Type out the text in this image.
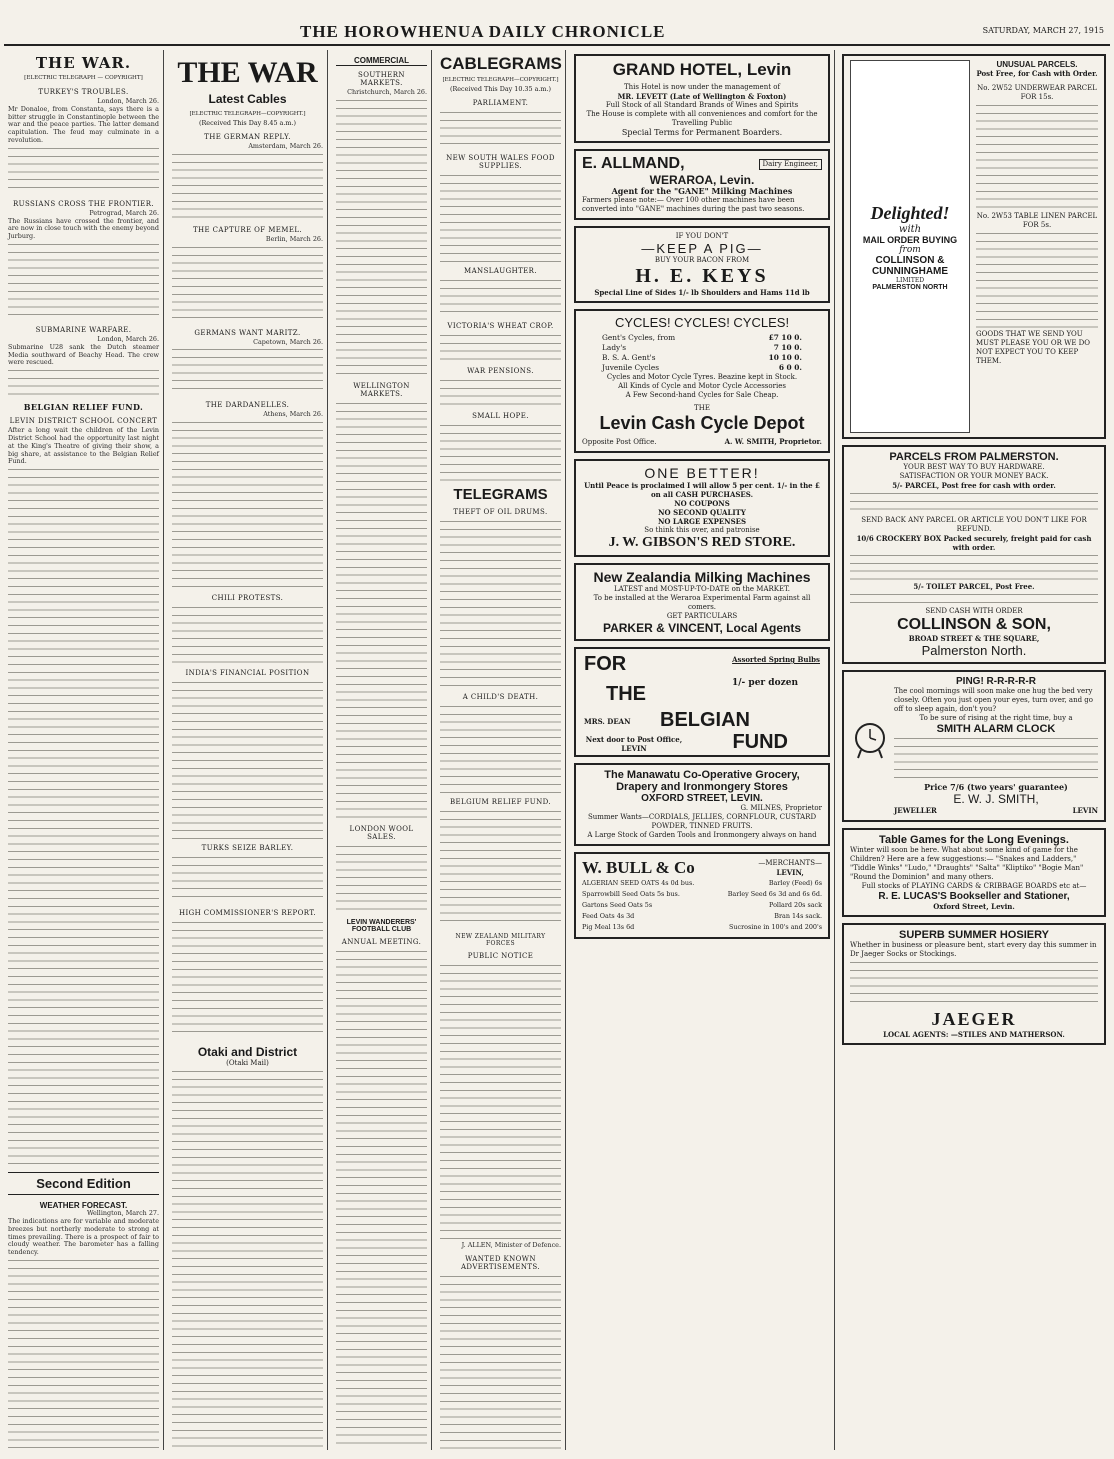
THE HOROWHENUA DAILY CHRONICLE	SATURDAY, MARCH 27, 1915
THE WAR.
[ELECTRIC TELEGRAPH — COPYRIGHT]
TURKEY'S TROUBLES.
London, March 26.
Mr Donaloe, from Constanta, says there is a bitter struggle in Constantinople between the war and the peace parties. The latter demand capitulation. The feud may culminate in a revolution.
RUSSIANS CROSS THE FRONTIER.
Petrograd, March 26.
The Russians have crossed the frontier, and are now in close touch with the enemy beyond Jurburg.
SUBMARINE WARFARE.
London, March 26.
Submarine U28 sank the Dutch steamer Media southward of Beachy Head. The crew were rescued.
BELGIAN RELIEF FUND.
LEVIN DISTRICT SCHOOL CONCERT
After a long wait the children of the Levin District School had the opportunity last night at the King's Theatre of giving their show, a big share, at assistance to the Belgian Relief Fund.
Second Edition
WEATHER FORECAST.
Wellington, March 27.
The indications are for variable and moderate breezes but northerly moderate to strong at times prevailing. There is a prospect of fair to cloudy weather. The barometer has a falling tendency.
THE WAR
Latest Cables
[ELECTRIC TELEGRAPH—COPYRIGHT.]
(Received This Day 8.45 a.m.)
THE GERMAN REPLY.
Amsterdam, March 26.
THE CAPTURE OF MEMEL.
Berlin, March 26.
GERMANS WANT MARITZ.
Capetown, March 26.
THE DARDANELLES.
Athens, March 26.
CHILI PROTESTS.
INDIA'S FINANCIAL POSITION
TURKS SEIZE BARLEY.
HIGH COMMISSIONER'S REPORT.
Otaki and District
(Otaki Mail)
COMMERCIAL
SOUTHERN MARKETS.
Christchurch, March 26.
WELLINGTON MARKETS.
LONDON WOOL SALES.
LEVIN WANDERERS' FOOTBALL CLUB
ANNUAL MEETING.
CABLEGRAMS
[ELECTRIC TELEGRAPH—COPYRIGHT.]
(Received This Day 10.35 a.m.)
PARLIAMENT.
NEW SOUTH WALES FOOD SUPPLIES.
MANSLAUGHTER.
VICTORIA'S WHEAT CROP.
WAR PENSIONS.
SMALL HOPE.
TELEGRAMS
THEFT OF OIL DRUMS.
A CHILD'S DEATH.
BELGIUM RELIEF FUND.
NEW ZEALAND MILITARY FORCES
PUBLIC NOTICE
J. ALLEN, Minister of Defence.
WANTED KNOWN ADVERTISEMENTS.
GRAND HOTEL, Levin
This Hotel is now under the management of
MR. LEVETT (Late of Wellington & Foxton)
Full Stock of all Standard Brands of Wines and Spirits
The House is complete with all conveniences and comfort for the Travelling Public
Special Terms for Permanent Boarders.
E. ALLMAND,	Dairy Engineer,
WERAROA, Levin.
Agent for the "GANE" Milking Machines
Farmers please note:— Over 100 other machines have been converted into "GANE" machines during the past two seasons.
IF YOU DON'T
—KEEP A PIG—
BUY YOUR BACON FROM
H. E. KEYS
Special Line of Sides 1/- lb Shoulders and Hams 11d lb
CYCLES! CYCLES! CYCLES!
Gent's Cycles, from	£7 10 0.
Lady's	7 10 0.
B. S. A. Gent's	10 10 0.
Juvenile Cycles	6 0 0.
Cycles and Motor Cycle Tyres. Beazine kept in Stock.
All Kinds of Cycle and Motor Cycle Accessories
A Few Second-hand Cycles for Sale Cheap.
THE
Levin Cash Cycle Depot
Opposite Post Office.	A. W. SMITH, Proprietor.
ONE BETTER!
Until Peace is proclaimed I will allow 5 per cent. 1/- in the £ on all CASH PURCHASES.
NO COUPONS
NO SECOND QUALITY
NO LARGE EXPENSES
So think this over, and patronise
J. W. GIBSON'S RED STORE.
New Zealandia Milking Machines
LATEST and MOST-UP-TO-DATE on the MARKET.
To be installed at the Weraroa Experimental Farm against all comers.
GET PARTICULARS
PARKER & VINCENT, Local Agents
FOR	Assorted Spring Bulbs
THE	1/- per dozen
MRS. DEAN BELGIAN
Next door to Post Office, LEVIN	FUND
The Manawatu Co-Operative Grocery, Drapery and Ironmongery Stores
OXFORD STREET, LEVIN.
G. MILNES, Proprietor
Summer Wants—CORDIALS, JELLIES, CORNFLOUR, CUSTARD POWDER, TINNED FRUITS.
A Large Stock of Garden Tools and Ironmongery always on hand
W. BULL & Co	—MERCHANTS—
LEVIN,
ALGERIAN SEED OATS 4s 0d bus.	Barley (Feed) 6s
Sparrowbill Seed Oats 5s bus.	Barley Seed 6s 3d and 6s 6d.
Gartons Seed Oats 5s	Pollard 20s sack
Feed Oats 4s 3d	Bran 14s sack.
Pig Meal 13s 6d	Sucrosine in 100's and 200's
Delighted!
with
MAIL ORDER BUYING
from
COLLINSON & CUNNINGHAME
LIMITED
PALMERSTON NORTH
UNUSUAL PARCELS.
Post Free, for Cash with Order.
No. 2W52 UNDERWEAR PARCEL FOR 15s.
No. 2W53 TABLE LINEN PARCEL FOR 5s.
GOODS THAT WE SEND YOU MUST PLEASE YOU OR WE DO NOT EXPECT YOU TO KEEP THEM.
PARCELS FROM PALMERSTON.
YOUR BEST WAY TO BUY HARDWARE.
SATISFACTION OR YOUR MONEY BACK.
5/- PARCEL, Post free for cash with order.
SEND BACK ANY PARCEL OR ARTICLE YOU DON'T LIKE FOR REFUND.
10/6 CROCKERY BOX Packed securely, freight paid for cash with order.
5/- TOILET PARCEL, Post Free.
SEND CASH WITH ORDER
COLLINSON & SON,
BROAD STREET & THE SQUARE,
Palmerston North.
PING! R-R-R-R-R
The cool mornings will soon make one hug the bed very closely. Often you just open your eyes, turn over, and go off to sleep again, don't you?
To be sure of rising at the right time, buy a
SMITH ALARM CLOCK
Price 7/6 (two years' guarantee)
E. W. J. SMITH,
JEWELLER	LEVIN
Table Games for the Long Evenings.
Winter will soon be here. What about some kind of game for the Children? Here are a few suggestions:— "Snakes and Ladders," "Tiddle Winks" "Ludo," "Draughts" "Salta" "Kliptiko" "Bogie Man" "Round the Dominion" and many others.
Full stocks of PLAYING CARDS & CRIBBAGE BOARDS etc at—
R. E. LUCAS'S Bookseller and Stationer,
Oxford Street, Levin.
SUPERB SUMMER HOSIERY
Whether in business or pleasure bent, start every day this summer in Dr Jaeger Socks or Stockings.
JAEGER
LOCAL AGENTS: —STILES AND MATHERSON.
